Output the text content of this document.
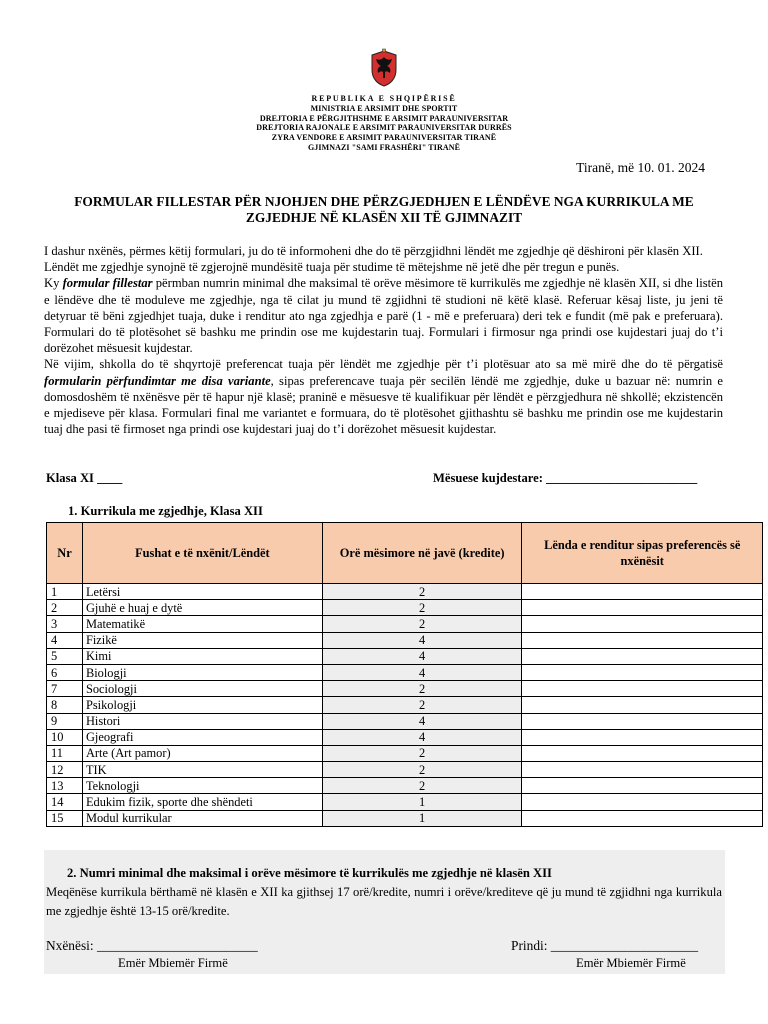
REPUBLIKA E SHQIPËRISË
MINISTRIA E ARSIMIT DHE SPORTIT
DREJTORIA E PËRGJITHSHME E ARSIMIT PARAUNIVERSITAR
DREJTORIA RAJONALE E ARSIMIT PARAUNIVERSITAR DURRËS
ZYRA VENDORE E ARSIMIT PARAUNIVERSITAR TIRANË
GJIMNAZI "SAMI FRASHËRI" TIRANË
Tiranë, më 10. 01. 2024
FORMULAR FILLESTAR PËR NJOHJEN DHE PËRZGJEDHJEN E LËNDËVE NGA KURRIKULA ME
ZGJEDHJE NË KLASËN XII TË GJIMNAZIT

I dashur nxënës, përmes këtij formulari, ju do të informoheni dhe do të përzgjidhni lëndët me zgjedhje që dëshironi për klasën XII.

Lëndët me zgjedhje synojnë të zgjerojnë mundësitë tuaja për studime të mëtejshme në jetë dhe për tregun e punës.

Ky formular fillestar përmban numrin minimal dhe maksimal të orëve mësimore të kurrikulës me zgjedhje në klasën XII, si dhe listën e lëndëve dhe të moduleve me zgjedhje, nga të cilat ju mund të zgjidhni të studioni në këtë klasë. Referuar kësaj liste, ju jeni të detyruar të bëni zgjedhjet tuaja, duke i renditur ato nga zgjedhja e parë (1 - më e preferuara) deri tek e fundit (më pak e preferuara). Formulari do të plotësohet së bashku me prindin ose me kujdestarin tuaj. Formulari i firmosur nga prindi ose kujdestari juaj do t’i dorëzohet mësuesit kujdestar.

Në vijim, shkolla do të shqyrtojë preferencat tuaja për lëndët me zgjedhje për t’i plotësuar ato sa më mirë dhe do të përgatisë formularin përfundimtar me disa variante, sipas preferencave tuaja për secilën lëndë me zgjedhje, duke u bazuar në: numrin e domosdoshëm të nxënësve për të hapur një klasë; praninë e mësuesve të kualifikuar për lëndët e përzgjedhura në shkollë; ekzistencën e mjediseve për klasa. Formulari final me variantet e formuara, do të plotësohet gjithashtu së bashku me prindin ose me kujdestarin tuaj dhe pasi të firmoset nga prindi ose kujdestari juaj do t’i dorëzohet mësuesit kujdestar.

Klasa XI ____	Mësuese kujdestare: ________________________
1. Kurrikula me zgjedhje, Klasa XII
Nr	Fushat e të nxënit/Lëndët	Orë mësimore në javë (kredite)	Lënda e renditur sipas preferencës së nxënësit
1	Letërsi	2	
2	Gjuhë e huaj e dytë	2	
3	Matematikë	2	
4	Fizikë	4	
5	Kimi	4	
6	Biologji	4	
7	Sociologji	2	
8	Psikologji	2	
9	Histori	4	
10	Gjeografi	4	
11	Arte (Art pamor)	2	
12	TIK	2	
13	Teknologji	2	
14	Edukim fizik, sporte dhe shëndeti	1	
15	Modul kurrikular	1	
2. Numri minimal dhe maksimal i orëve mësimore të kurrikulës me zgjedhje në klasën XII
Meqënëse kurrikula bërthamë në klasën e XII ka gjithsej 17 orë/kredite, numri i orëve/krediteve që ju mund të zgjidhni nga kurrikula me zgjedhje është 13-15 orë/kredite.
Nxënësi: ________________________	Prindi: ______________________
Emër Mbiemër Firmë	Emër Mbiemër Firmë
